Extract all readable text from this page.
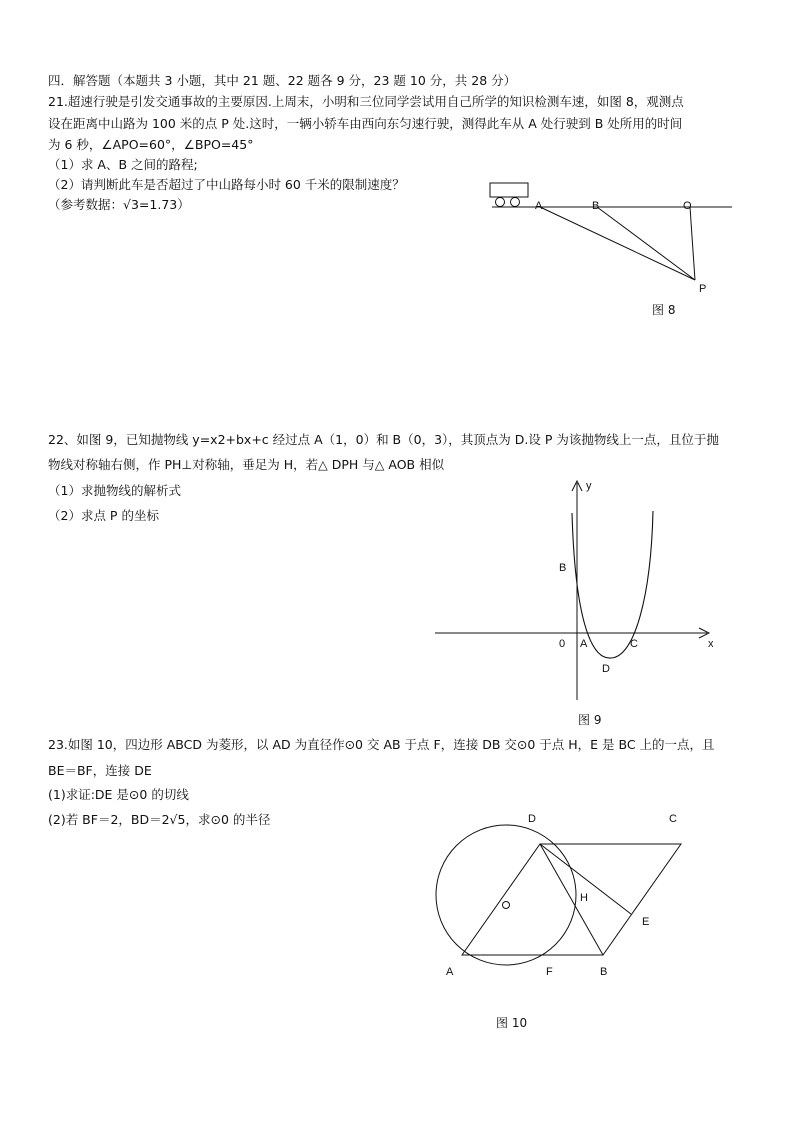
四．解答题（本题共 3 小题，其中 21 题、22 题各 9 分，23 题 10 分，共 28 分）
21.超速行驶是引发交通事故的主要原因.上周末，小明和三位同学尝试用自己所学的知识检测车速，如图 8，观测点
设在距离中山路为 100 米的点 P 处.这时，一辆小轿车由西向东匀速行驶，测得此车从 A 处行驶到 B 处所用的时间
为 6 秒，∠APO=60°，∠BPO=45°
（1）求 A、B 之间的路程;
（2）请判断此车是否超过了中山路每小时 60 千米的限制速度？
（参考数据：√3=1.73）	A	B	O
P
图 8
22、如图 9，已知抛物线 y=x2+bx+c 经过点 A（1，0）和 B（0，3），其顶点为 D.设 P 为该抛物线上一点，且位于抛
物线对称轴右侧，作 PH⊥对称轴，垂足为 H，若△ DPH 与△ AOB 相似
（1）求抛物线的解析式
（2）求点 P 的坐标
y
x
B
0 A	C
D
图 9
23.如图 10，四边形 ABCD 为菱形，以 AD 为直径作⊙0 交 AB 于点 F，连接 DB 交⊙0 于点 H，E 是 BC 上的一点，且
BE＝BF，连接 DE
(1)求证:DE 是⊙0 的切线
(2)若 BF＝2，BD＝2√5，求⊙0 的半径	D	C
H
E
A	F	B
图 10
